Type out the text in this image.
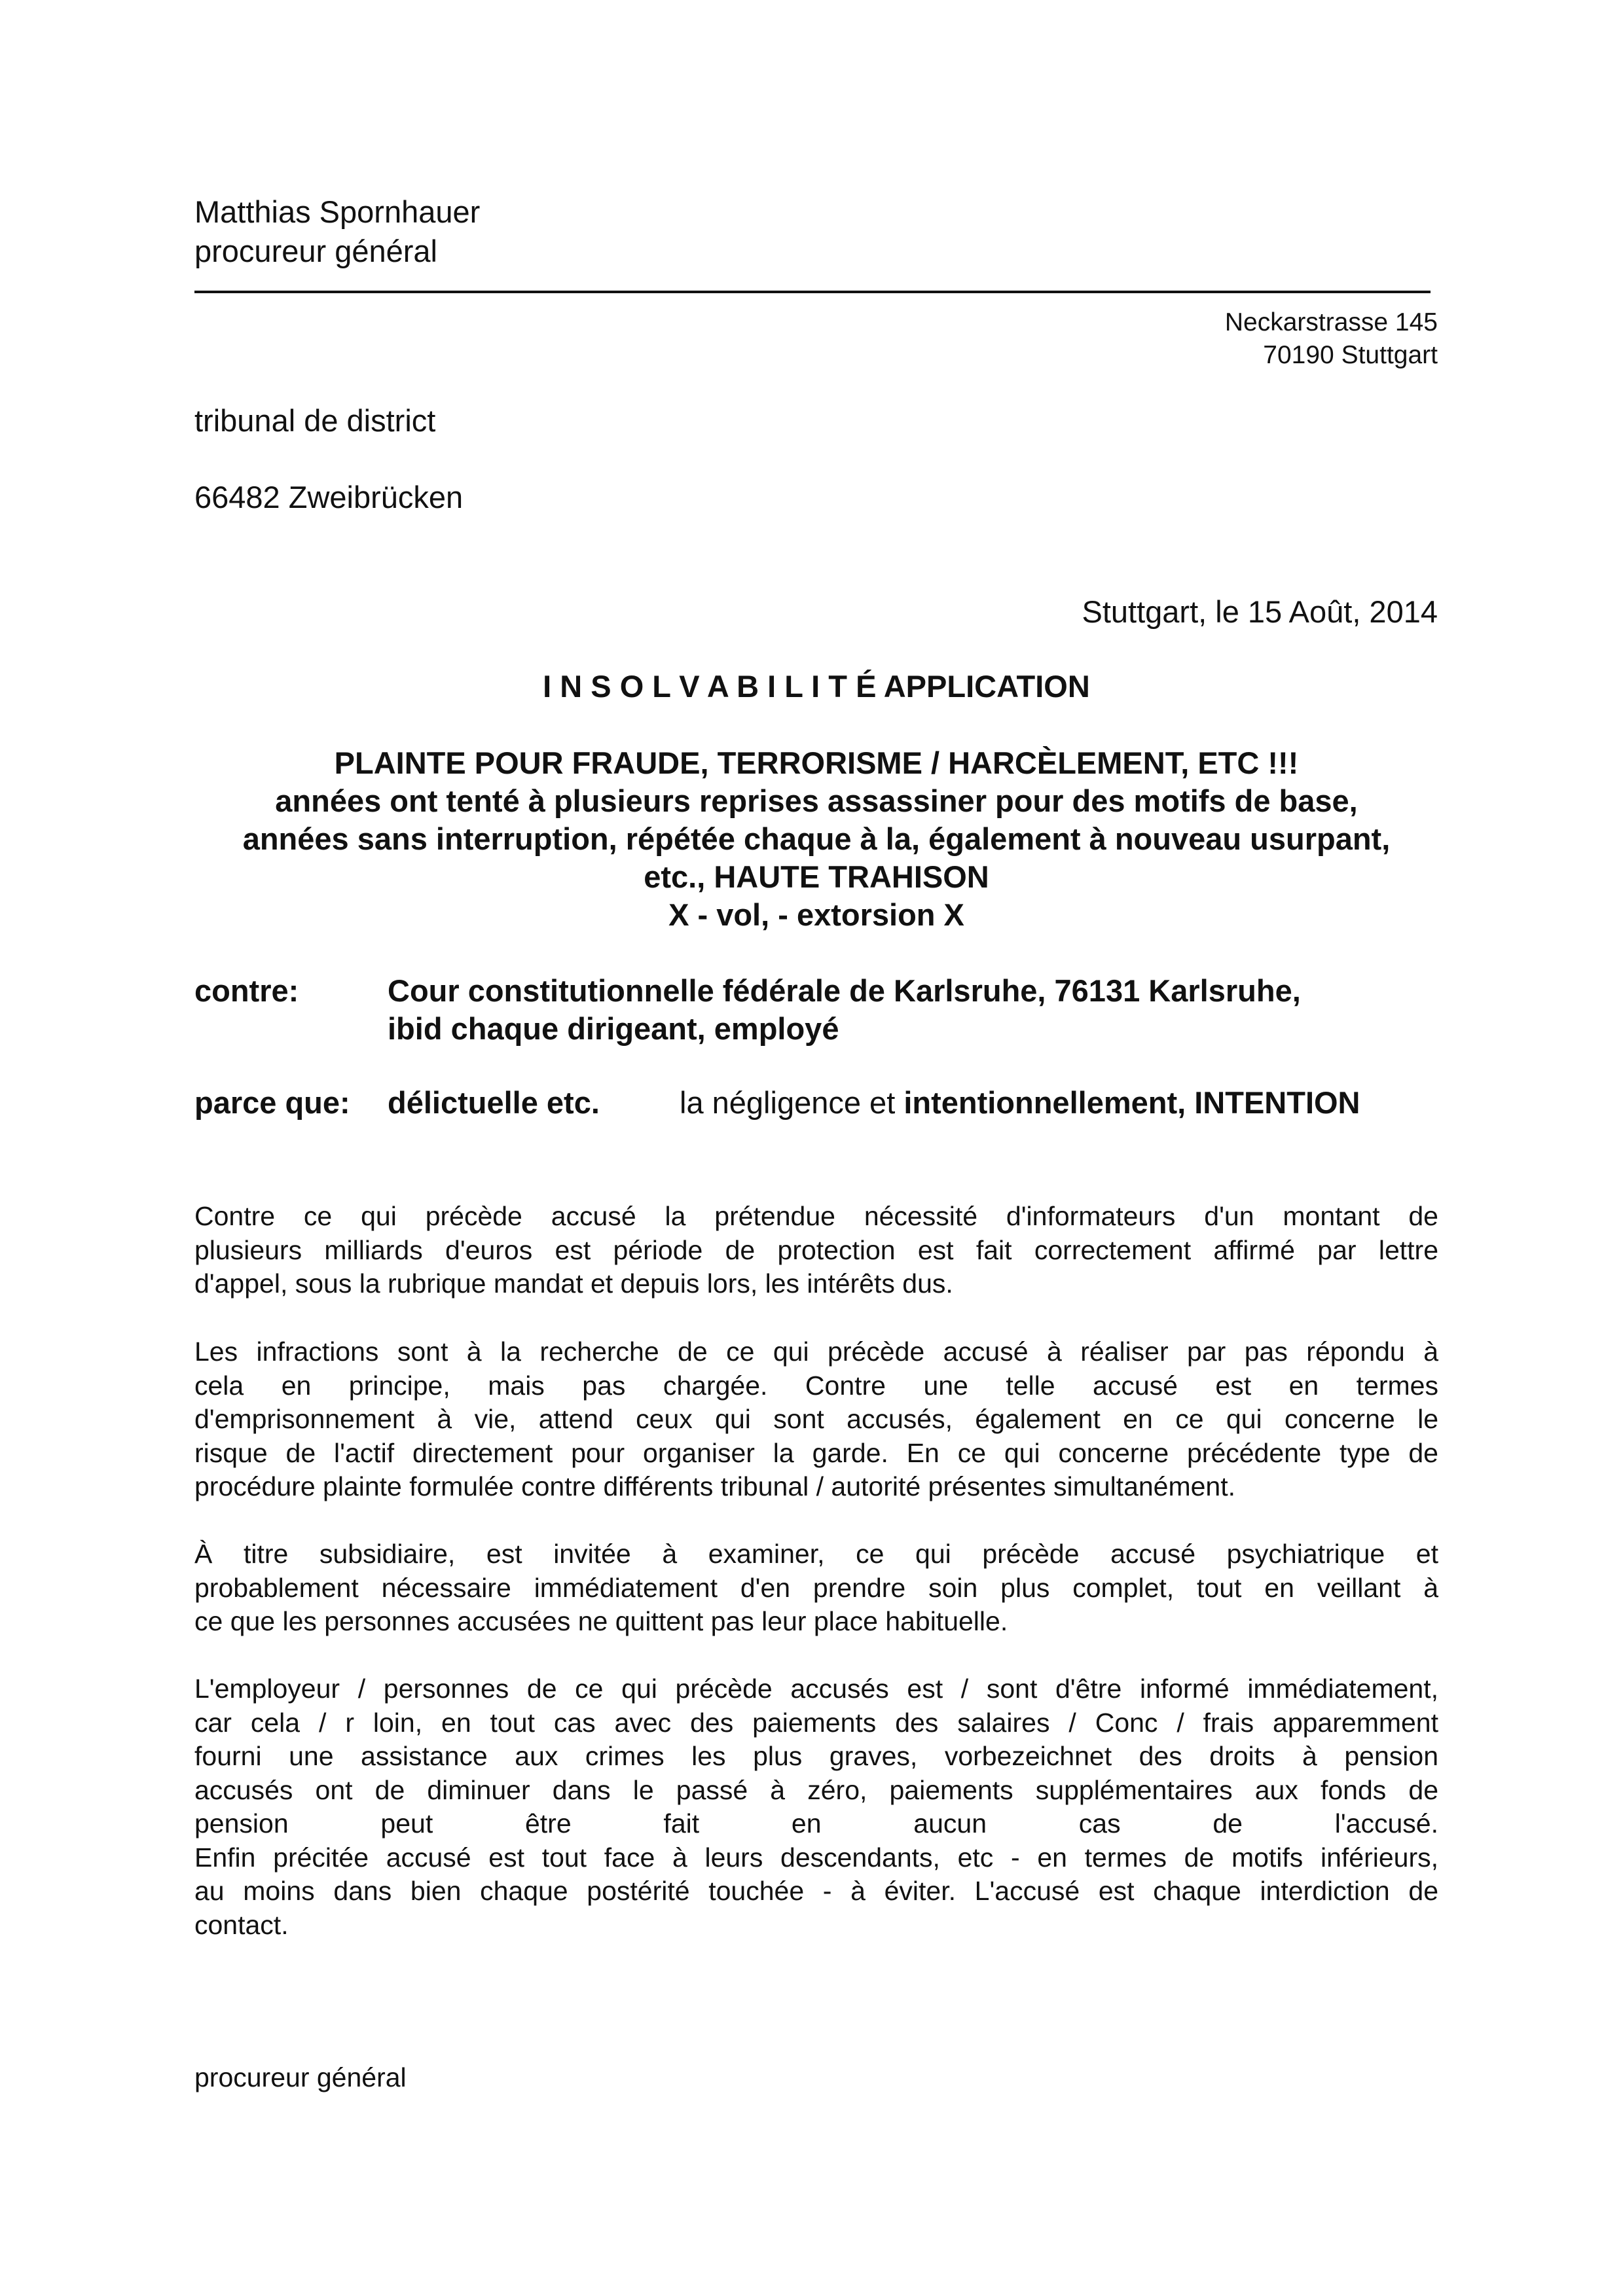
Matthias Spornhauer
procureur général
Neckarstrasse 145
70190 Stuttgart
tribunal de district
66482 Zweibrücken
Stuttgart, le 15 Août, 2014
I N S O L V A B I L I T É APPLICATION
PLAINTE POUR FRAUDE, TERRORISME / HARCÈLEMENT, ETC !!!
années ont tenté à plusieurs reprises assassiner pour des motifs de base,
années sans interruption, répétée chaque à la, également à nouveau usurpant,
etc., HAUTE TRAHISON
X - vol, - extorsion X
contre:	Cour constitutionnelle fédérale de Karlsruhe, 76131 Karlsruhe,
ibid chaque dirigeant, employé
parce que: délictuelle etc.	la négligence et intentionnellement, INTENTION
Contre ce qui précède accusé la prétendue nécessité d'informateurs d'un montant de
plusieurs milliards d'euros est période de protection est fait correctement affirmé par lettre
d'appel, sous la rubrique mandat et depuis lors, les intérêts dus.
Les infractions sont à la recherche de ce qui précède accusé à réaliser par pas répondu à
cela en principe, mais pas chargée. Contre une telle accusé est en termes
d'emprisonnement à vie, attend ceux qui sont accusés, également en ce qui concerne le
risque de l'actif directement pour organiser la garde. En ce qui concerne précédente type de
procédure plainte formulée contre différents tribunal / autorité présentes simultanément.
À titre subsidiaire, est invitée à examiner, ce qui précède accusé psychiatrique et
probablement nécessaire immédiatement d'en prendre soin plus complet, tout en veillant à
ce que les personnes accusées ne quittent pas leur place habituelle.
L'employeur / personnes de ce qui précède accusés est / sont d'être informé immédiatement,
car cela / r loin, en tout cas avec des paiements des salaires / Conc / frais apparemment
fourni une assistance aux crimes les plus graves, vorbezeichnet des droits à pension
accusés ont de diminuer dans le passé à zéro, paiements supplémentaires aux fonds de
pension peut être fait en aucun cas de l'accusé.
Enfin précitée accusé est tout face à leurs descendants, etc - en termes de motifs inférieurs,
au moins dans bien chaque postérité touchée - à éviter. L'accusé est chaque interdiction de
contact.
procureur général
